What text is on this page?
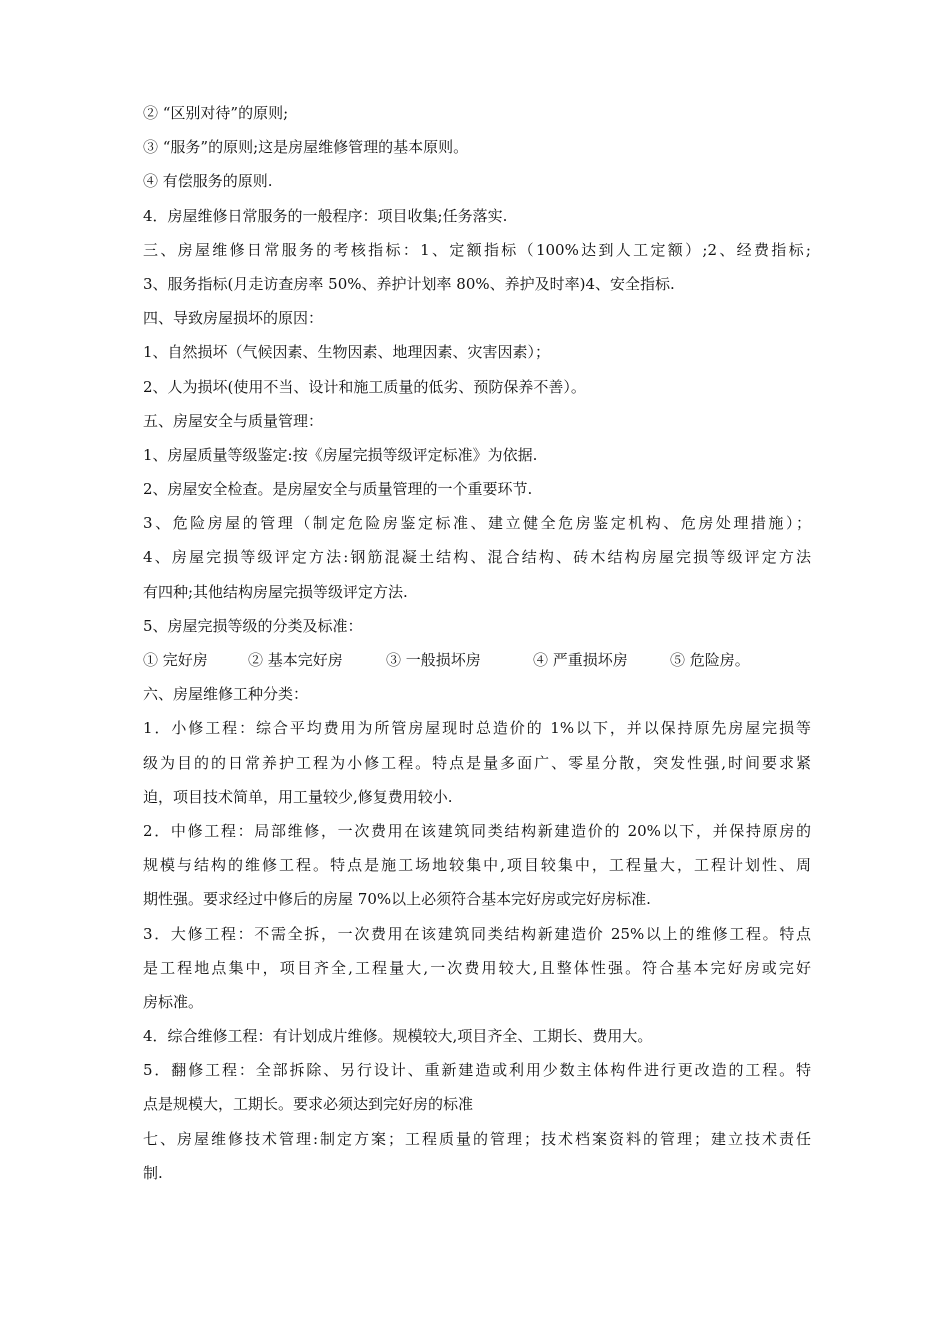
② “区别对待”的原则;
③ “服务”的原则;这是房屋维修管理的基本原则。
④ 有偿服务的原则.
4．房屋维修日常服务的一般程序：项目收集;任务落实.
三、房屋维修日常服务的考核指标：1、定额指标（100%达到人工定额）;2、经费指标;
3、服务指标(月走访查房率 50%、养护计划率 80%、养护及时率)4、安全指标.
四、导致房屋损坏的原因：
1、自然损坏（气候因素、生物因素、地理因素、灾害因素）；
2、人为损坏(使用不当、设计和施工质量的低劣、预防保养不善）。
五、房屋安全与质量管理：
1、房屋质量等级鉴定:按《房屋完损等级评定标准》为依据.
2、房屋安全检查。是房屋安全与质量管理的一个重要环节.
3、危险房屋的管理（制定危险房鉴定标准、建立健全危房鉴定机构、危房处理措施）；
4、房屋完损等级评定方法:钢筋混凝土结构、混合结构、砖木结构房屋完损等级评定方法
有四种;其他结构房屋完损等级评定方法.
5、房屋完损等级的分类及标准：
① 完好房	② 基本完好房	③ 一般损坏房	④ 严重损坏房	⑤ 危险房。
六、房屋维修工种分类：
1．小修工程：综合平均费用为所管房屋现时总造价的 1%以下，并以保持原先房屋完损等
级为目的的日常养护工程为小修工程。特点是量多面广、零星分散，突发性强,时间要求紧
迫，项目技术简单，用工量较少,修复费用较小.
2．中修工程：局部维修，一次费用在该建筑同类结构新建造价的 20%以下，并保持原房的
规模与结构的维修工程。特点是施工场地较集中,项目较集中，工程量大，工程计划性、周
期性强。要求经过中修后的房屋 70%以上必须符合基本完好房或完好房标准.
3．大修工程：不需全拆，一次费用在该建筑同类结构新建造价 25%以上的维修工程。特点
是工程地点集中，项目齐全,工程量大,一次费用较大,且整体性强。符合基本完好房或完好
房标准。
4．综合维修工程：有计划成片维修。规模较大,项目齐全、工期长、费用大。
5．翻修工程：全部拆除、另行设计、重新建造或利用少数主体构件进行更改造的工程。特
点是规模大，工期长。要求必须达到完好房的标准
七、房屋维修技术管理:制定方案；工程质量的管理；技术档案资料的管理；建立技术责任
制.
